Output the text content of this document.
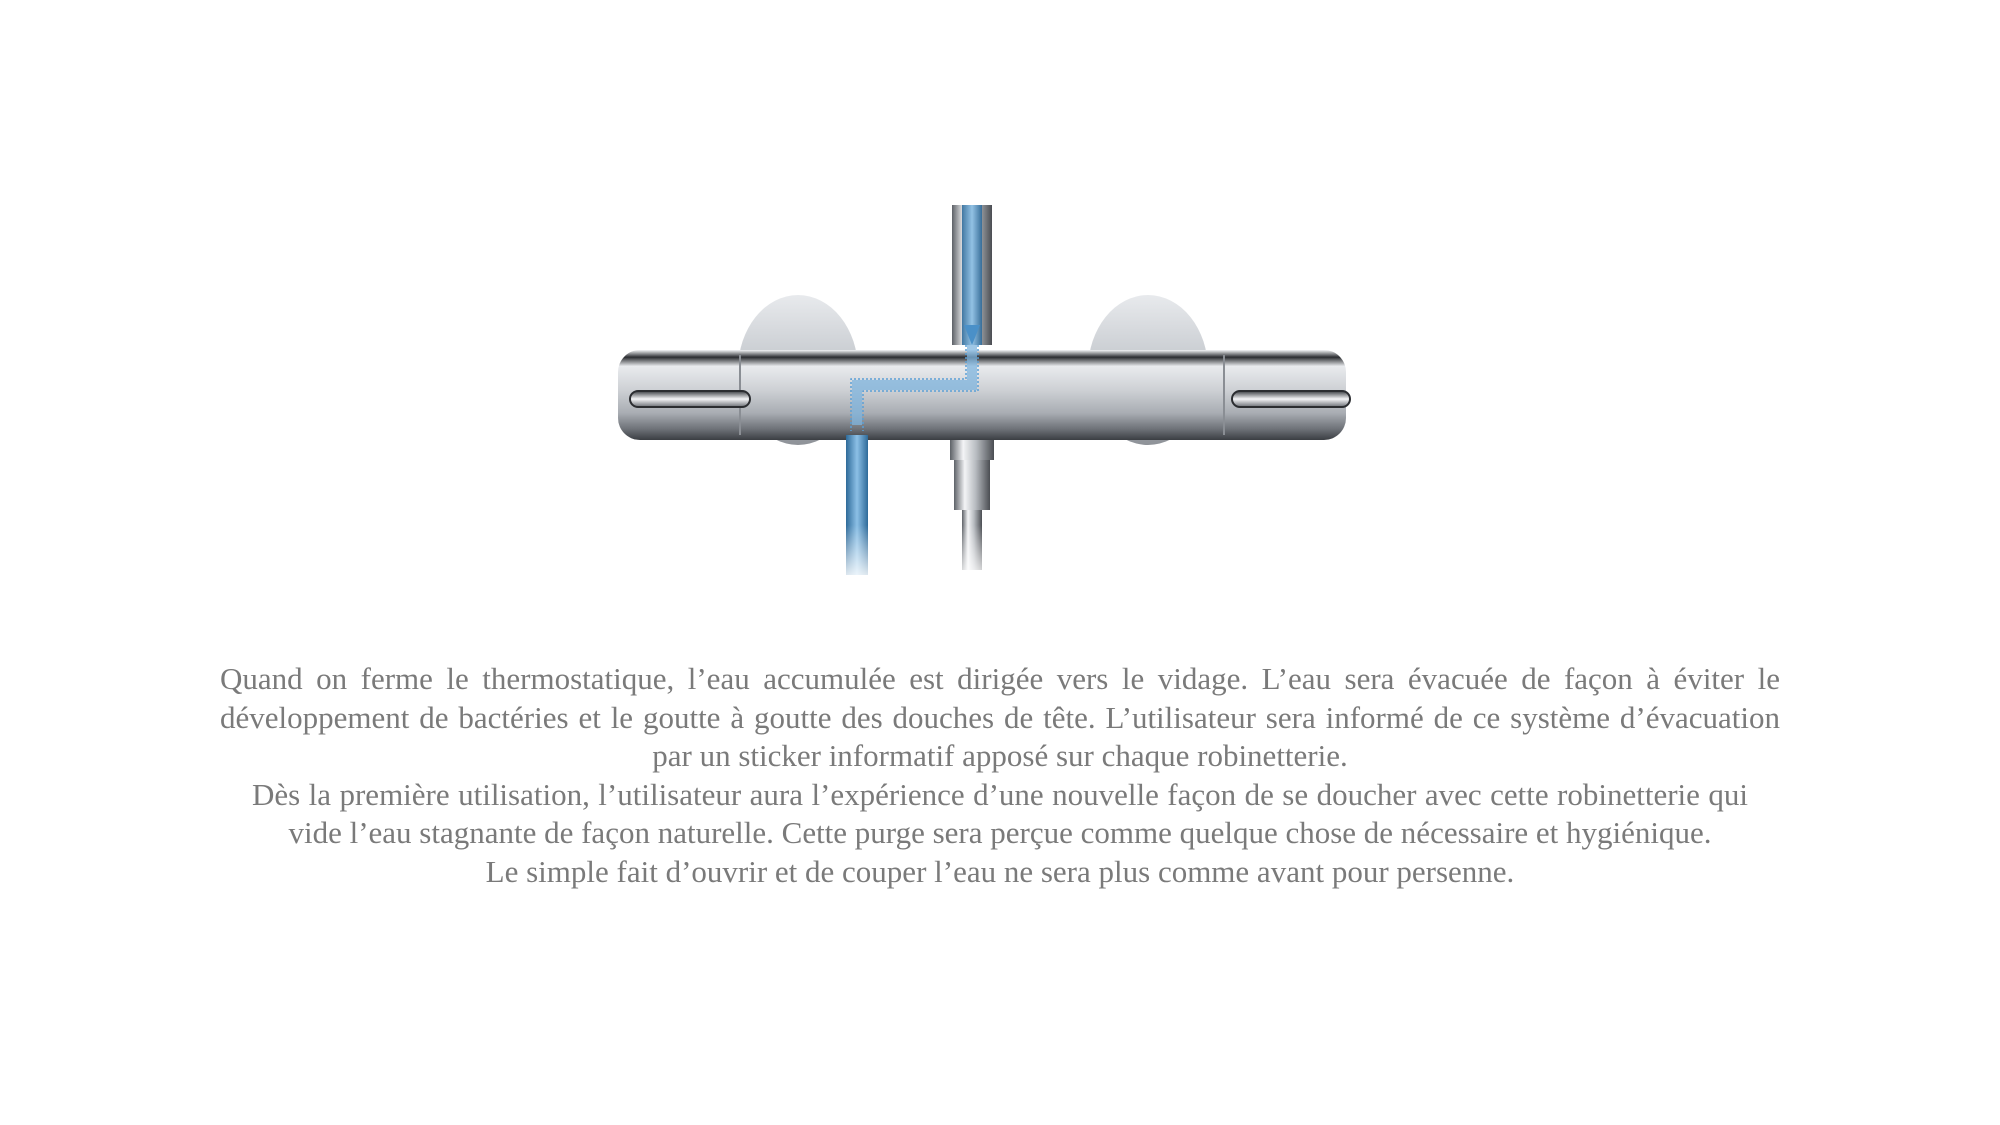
Quand on ferme le thermostatique, l’eau accumulée est dirigée vers le vidage. L’eau sera évacuée de façon à éviter le développement de bactéries et le goutte à goutte des douches de tête. L’utilisateur sera informé de ce système d’évacuation par un sticker informatif apposé sur chaque robinetterie.

Dès la première utilisation, l’utilisateur aura l’expérience d’une nouvelle façon de se doucher avec cette robinetterie qui vide l’eau stagnante de façon naturelle. Cette purge sera perçue comme quelque chose de nécessaire et hygiénique.

Le simple fait d’ouvrir et de couper l’eau ne sera plus comme avant pour persenne.
